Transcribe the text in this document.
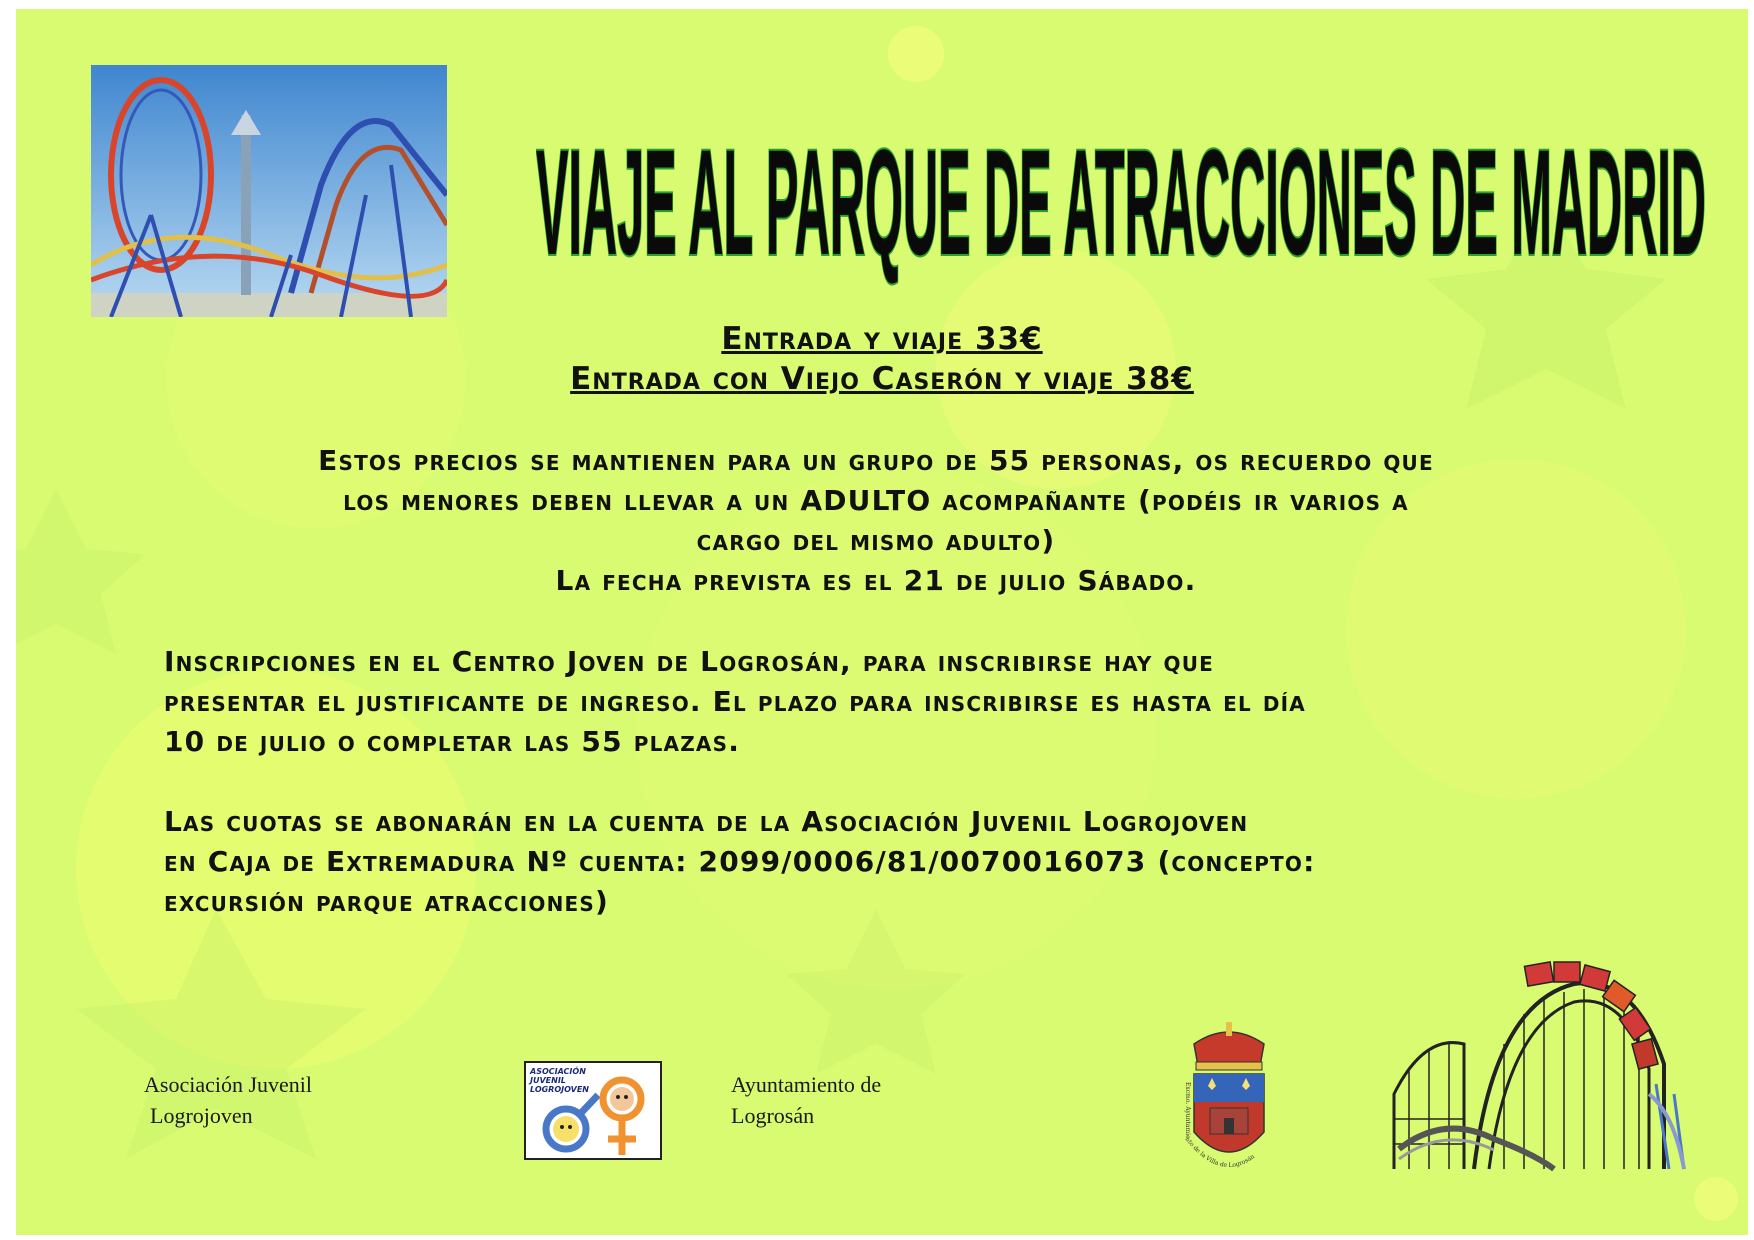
VIAJE AL PARQUE DE ATRACCIONES DE MADRID
Entrada y viaje 33€
Entrada con Viejo Caserón y viaje 38€
Estos precios se mantienen para un grupo de 55 personas, os recuerdo que
los menores deben llevar a un ADULTO acompañante (podéis ir varios a
cargo del mismo adulto)
La fecha prevista es el 21 de julio Sábado.
Inscripciones en el Centro Joven de Logrosán, para inscribirse hay que
presentar el justificante de ingreso. El plazo para inscribirse es hasta el día
10 de julio o completar las 55 plazas.
Las cuotas se abonarán en la cuenta de la Asociación Juvenil Logrojoven
en Caja de Extremadura Nº cuenta: 2099/0006/81/0070016073 (concepto:
excursión parque atracciones)
Asociación Juvenil
Logrojoven
ASOCIACIÓN
JUVENIL
LOGROJOVEN	Ayuntamiento de
Logrosán
Excmo. Ayuntamiento de la Villa de Logrosán
